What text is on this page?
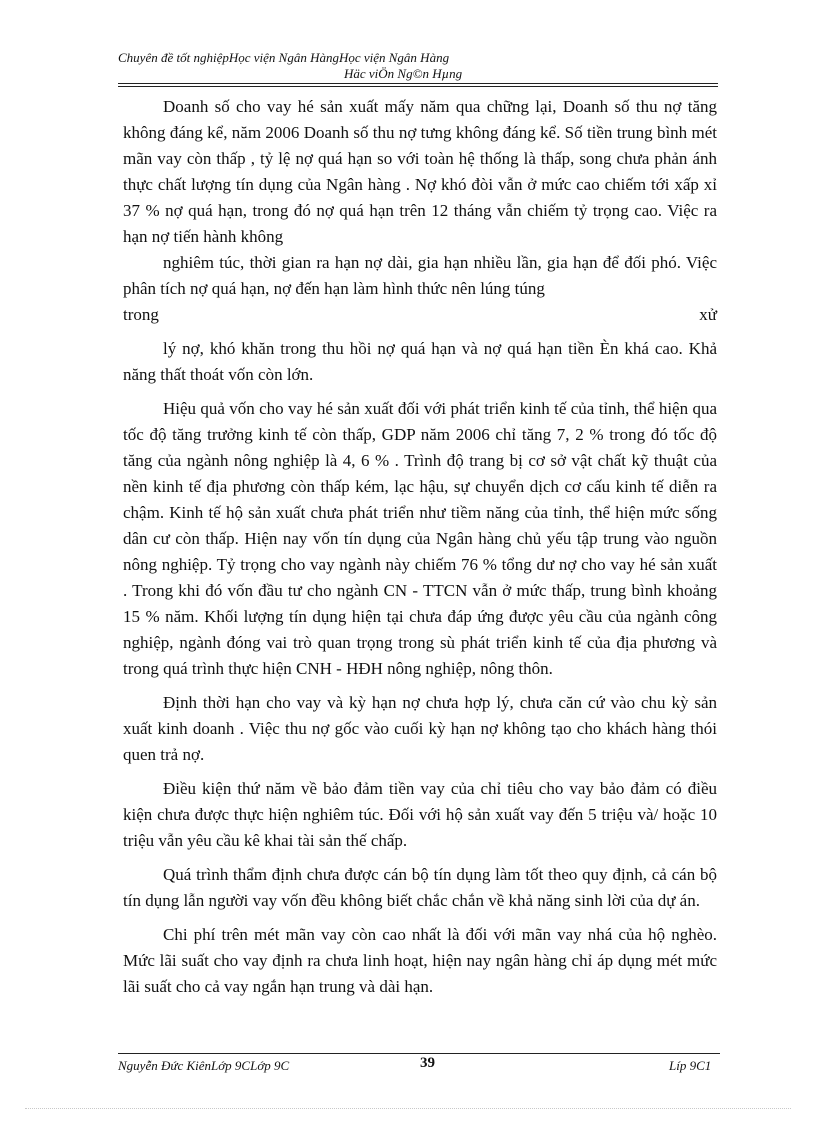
Chuyên đề tốt nghiệpHọc viện Ngân HàngHọc viện Ngân Hàng
Häc viÖn Ng©n Hµng

Doanh số cho vay hé sản xuất mấy năm qua chững lại, Doanh số thu nợ tăng không đáng kể, năm 2006 Doanh số thu nợ tưng không đáng kể. Số tiền trung bình mét mãn vay còn thấp , tỷ lệ nợ quá hạn so với toàn hệ thống là thấp, song chưa phản ánh thực chất lượng tín dụng của Ngân hàng . Nợ khó đòi vẫn ở mức cao chiếm tới xấp xỉ 37 % nợ quá hạn, trong đó nợ quá hạn trên 12 tháng vẫn chiếm tỷ trọng cao. Việc ra hạn nợ tiến hành không

nghiêm túc, thời gian ra hạn nợ dài, gia hạn nhiều lần, gia hạn để đối phó. Việc phân tích nợ quá hạn, nợ đến hạn làm hình thức nên lúng túng

trong	xử

lý nợ, khó khăn trong thu hồi nợ quá hạn và nợ quá hạn tiền Èn khá cao. Khả năng thất thoát vốn còn lớn.

Hiệu quả vốn cho vay hé sản xuất đối với phát triển kinh tế của tỉnh, thể hiện qua tốc độ tăng trưởng kinh tế còn thấp, GDP năm 2006 chỉ tăng 7, 2 % trong đó tốc độ tăng của ngành nông nghiệp là 4, 6 % . Trình độ trang bị cơ sở vật chất kỹ thuật của nền kinh tế địa phương còn thấp kém, lạc hậu, sự chuyển dịch cơ cấu kinh tế diễn ra chậm. Kinh tế hộ sản xuất chưa phát triển như tiềm năng của tỉnh, thể hiện mức sống dân cư còn thấp. Hiện nay vốn tín dụng của Ngân hàng chủ yếu tập trung vào nguồn nông nghiệp. Tỷ trọng cho vay ngành này chiếm 76 % tổng dư nợ cho vay hé sản xuất . Trong khi đó vốn đầu tư cho ngành CN - TTCN vẫn ở mức thấp, trung bình khoảng 15 % năm. Khối lượng tín dụng hiện tại chưa đáp ứng được yêu cầu của ngành công nghiệp, ngành đóng vai trò quan trọng trong sù phát triển kinh tế của địa phương và trong quá trình thực hiện CNH - HĐH nông nghiệp, nông thôn.

Định thời hạn cho vay và kỳ hạn nợ chưa hợp lý, chưa căn cứ vào chu kỳ sản xuất kinh doanh . Việc thu nợ gốc vào cuối kỳ hạn nợ không tạo cho khách hàng thói quen trả nợ.

Điều kiện thứ năm về bảo đảm tiền vay của chỉ tiêu cho vay bảo đảm có điều kiện chưa được thực hiện nghiêm túc. Đối với hộ sản xuất vay đến 5 triệu và/ hoặc 10 triệu vẫn yêu cầu kê khai tài sản thế chấp.

Quá trình thẩm định chưa được cán bộ tín dụng làm tốt theo quy định, cả cán bộ tín dụng lẫn người vay vốn đều không biết chắc chắn về khả năng sinh lời của dự án.

Chi phí trên mét mãn vay còn cao nhất là đối với mãn vay nhá của hộ nghèo. Mức lãi suất cho vay định ra chưa linh hoạt, hiện nay ngân hàng chỉ áp dụng mét mức lãi suất cho cả vay ngắn hạn trung và dài hạn.

Nguyễn Đức KiênLớp 9CLớp 9C	39	Líp 9C1
